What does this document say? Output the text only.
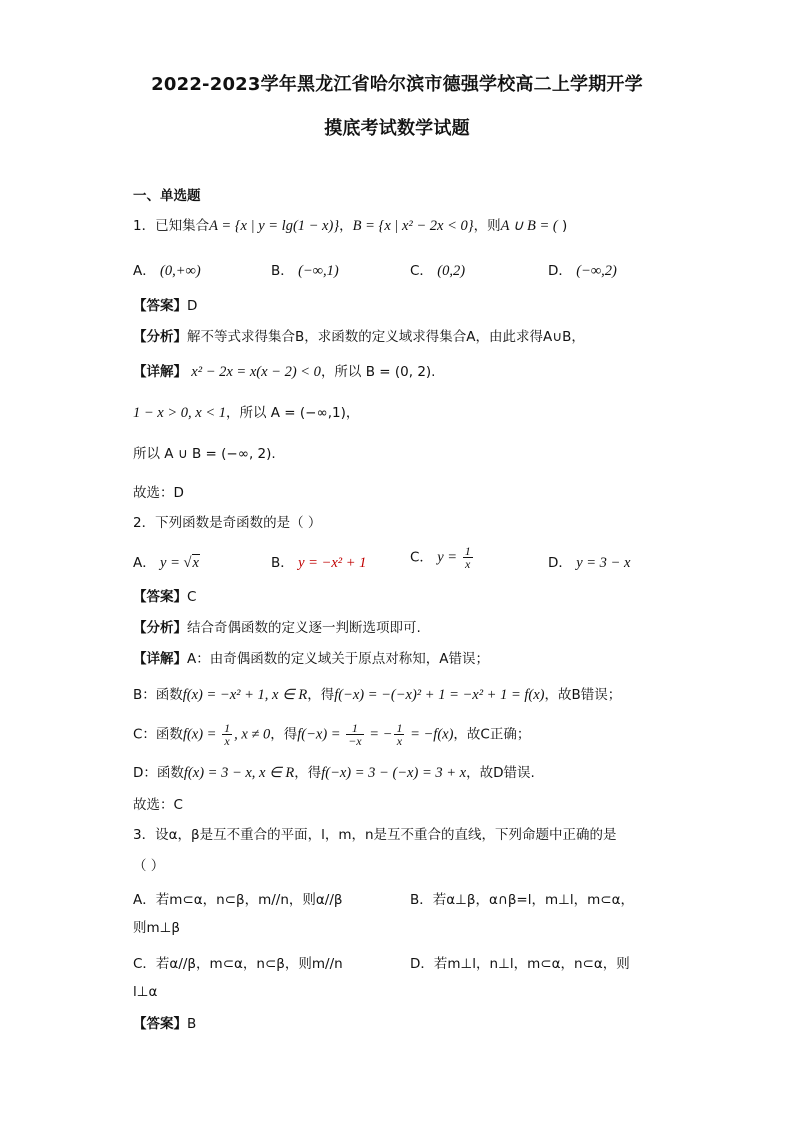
2022-2023学年黑龙江省哈尔滨市德强学校高二上学期开学
摸底考试数学试题
一、单选题
1．已知集合A = {x | y = lg(1 − x)}，B = {x | x² − 2x < 0}，则A ∪ B = ( )
A． (0,+∞)	B． (−∞,1)	C． (0,2)	D． (−∞,2)
【答案】D
【分析】解不等式求得集合B，求函数的定义域求得集合A，由此求得A∪B，
【详解】 x² − 2x = x(x − 2) < 0，所以 B = (0, 2).
1 − x > 0, x < 1，所以 A = (−∞,1)，
所以 A ∪ B = (−∞, 2).
故选：D
2．下列函数是奇函数的是（ ）
A． y = √x	B． y = −x² + 1	C． $y = \frac{1}{x}$	D． y = 3 − x
【答案】C
【分析】结合奇偶函数的定义逐一判断选项即可.
【详解】A：由奇偶函数的定义域关于原点对称知，A错误；
B：函数f(x) = −x² + 1, x ∈ R，得f(−x) = −(−x)² + 1 = −x² + 1 = f(x)，故B错误；
C：函数$f(x) = \frac{1}{x}$ , x ≠ 0，得$f(-x) = \frac{1}{-x}$ = − $\frac{1}{x} = -f(x)$，故C正确；
D：函数f(x) = 3 − x, x ∈ R，得f(−x) = 3 − (−x) = 3 + x，故D错误.
故选：C
3．设α，β是互不重合的平面，l，m，n是互不重合的直线，下列命题中正确的是
（ ）
A．若m⊂α，n⊂β，m//n，则α//β	B．若α⊥β，α∩β=l，m⊥l，m⊂α，
则m⊥β
C．若α//β，m⊂α，n⊂β，则m//n	D．若m⊥l，n⊥l，m⊂α，n⊂α，则
l⊥α
【答案】B
